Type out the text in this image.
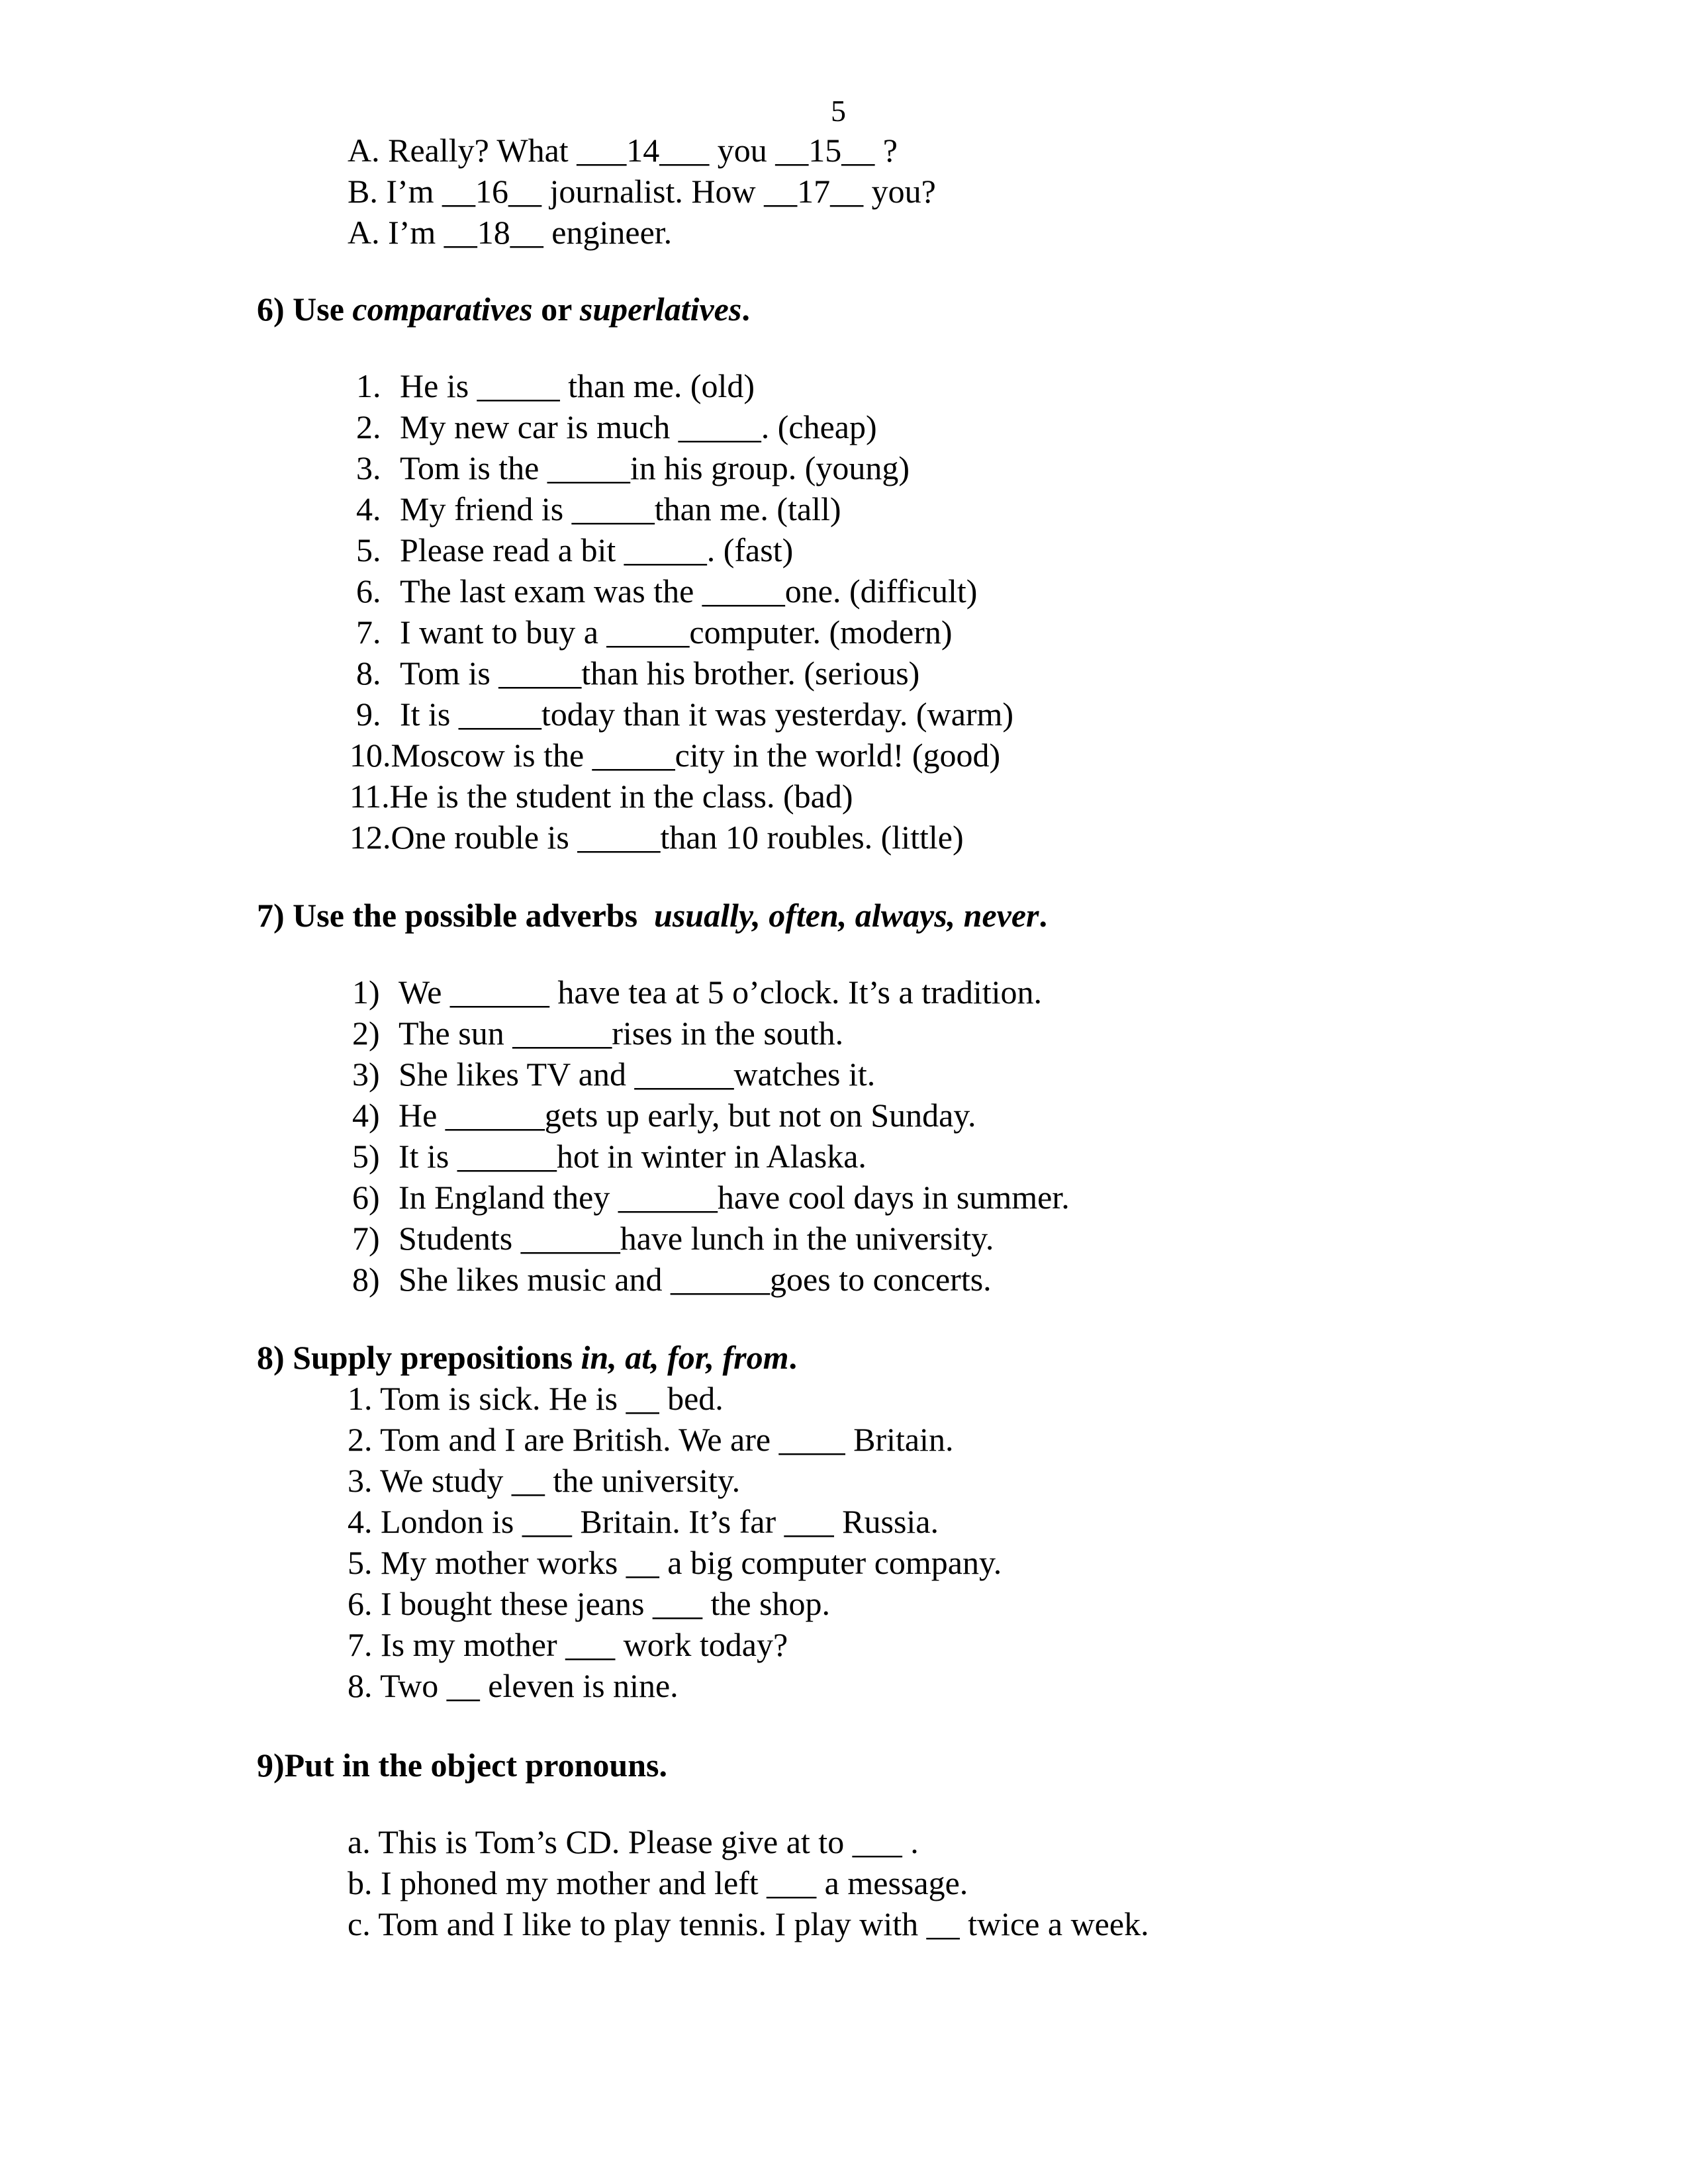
5
A. Really? What ___14___ you __15__ ?
B. I’m __16__ journalist. How __17__ you?
A. I’m __18__ engineer.
6) Use comparatives or superlatives.
1. He is _____ than me. (old)
2. My new car is much _____. (cheap)
3. Tom is the _____in his group. (young)
4. My friend is _____than me. (tall)
5. Please read a bit _____. (fast)
6. The last exam was the _____one. (difficult)
7. I want to buy a _____computer. (modern)
8. Tom is _____than his brother. (serious)
9. It is _____today than it was yesterday. (warm)
10.Moscow is the _____city in the world! (good)
11.He is the student in the class. (bad)
12.One rouble is _____than 10 roubles. (little)
7) Use the possible adverbs  usually, often, always, never.
1) We ______ have tea at 5 o’clock. It’s a tradition.
2) The sun ______rises in the south.
3) She likes TV and ______watches it.
4) He ______gets up early, but not on Sunday.
5) It is ______hot in winter in Alaska.
6) In England they ______have cool days in summer.
7) Students ______have lunch in the university.
8) She likes music and ______goes to concerts.
8) Supply prepositions in, at, for, from.
1. Tom is sick. He is __ bed.
2. Tom and I are British. We are ____ Britain.
3. We study __ the university.
4. London is ___ Britain. It’s far ___ Russia.
5. My mother works __ a big computer company.
6. I bought these jeans ___ the shop.
7. Is my mother ___ work today?
8. Two __ eleven is nine.
9)Put in the object pronouns.
a. This is Tom’s CD. Please give at to ___ .
b. I phoned my mother and left ___ a message.
c. Tom and I like to play tennis. I play with __ twice a week.
